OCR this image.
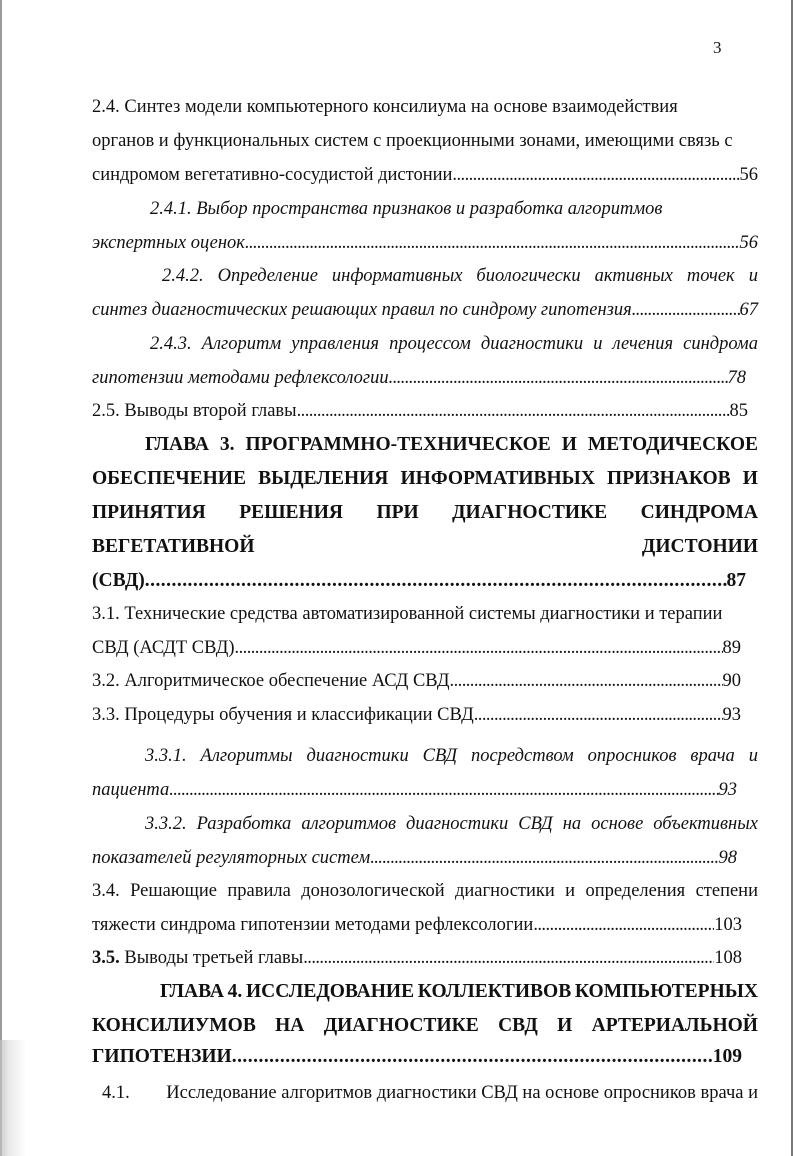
3
2.4. Синтез модели компьютерного консилиума на основе взаимодействия
органов и функциональных систем с проекционными зонами, имеющими связь с
синдромом вегетативно-сосудистой дистонии . . .	56
2.4.1. Выбор пространства признаков и разработка алгоритмов
экспертных оценок . . .	56
2.4.2. Определение информативных биологически активных точек и
синтез диагностических решающих правил по синдрому гипотензия . . .	67
2.4.3. Алгоритм управления процессом диагностики и лечения синдрома
гипотензии методами рефлексологии . . .	78
2.5. Выводы второй главы . . .	85
ГЛАВА 3. ПРОГРАММНО-ТЕХНИЧЕСКОЕ И МЕТОДИЧЕСКОЕ
ОБЕСПЕЧЕНИЕ ВЫДЕЛЕНИЯ ИНФОРМАТИВНЫХ ПРИЗНАКОВ И
ПРИНЯТИЯ РЕШЕНИЯ ПРИ ДИАГНОСТИКЕ СИНДРОМА
ВЕГЕТАТИВНОЙ	ДИСТОНИИ
(СВД) . . .	87
3.1. Технические средства автоматизированной системы диагностики и терапии
СВД (АСДТ СВД) . . .	89
3.2. Алгоритмическое обеспечение АСД СВД . . .	90
3.3. Процедуры обучения и классификации СВД . . .	93
3.3.1. Алгоритмы диагностики СВД посредством опросников врача и
пациента . . .	93
3.3.2. Разработка алгоритмов диагностики СВД на основе объективных
показателей регуляторных систем . . .	98
3.4. Решающие правила донозологической диагностики и определения степени
тяжести синдрома гипотензии методами рефлексологии . . .	103
3.5. Выводы третьей главы . . .	108
ГЛАВА 4. ИССЛЕДОВАНИЕ КОЛЛЕКТИВОВ КОМПЬЮТЕРНЫХ
КОНСИЛИУМОВ НА ДИАГНОСТИКЕ СВД И АРТЕРИАЛЬНОЙ
ГИПОТЕНЗИИ . . .	109
4.1. Исследование алгоритмов диагностики СВД на основе опросников врача и
